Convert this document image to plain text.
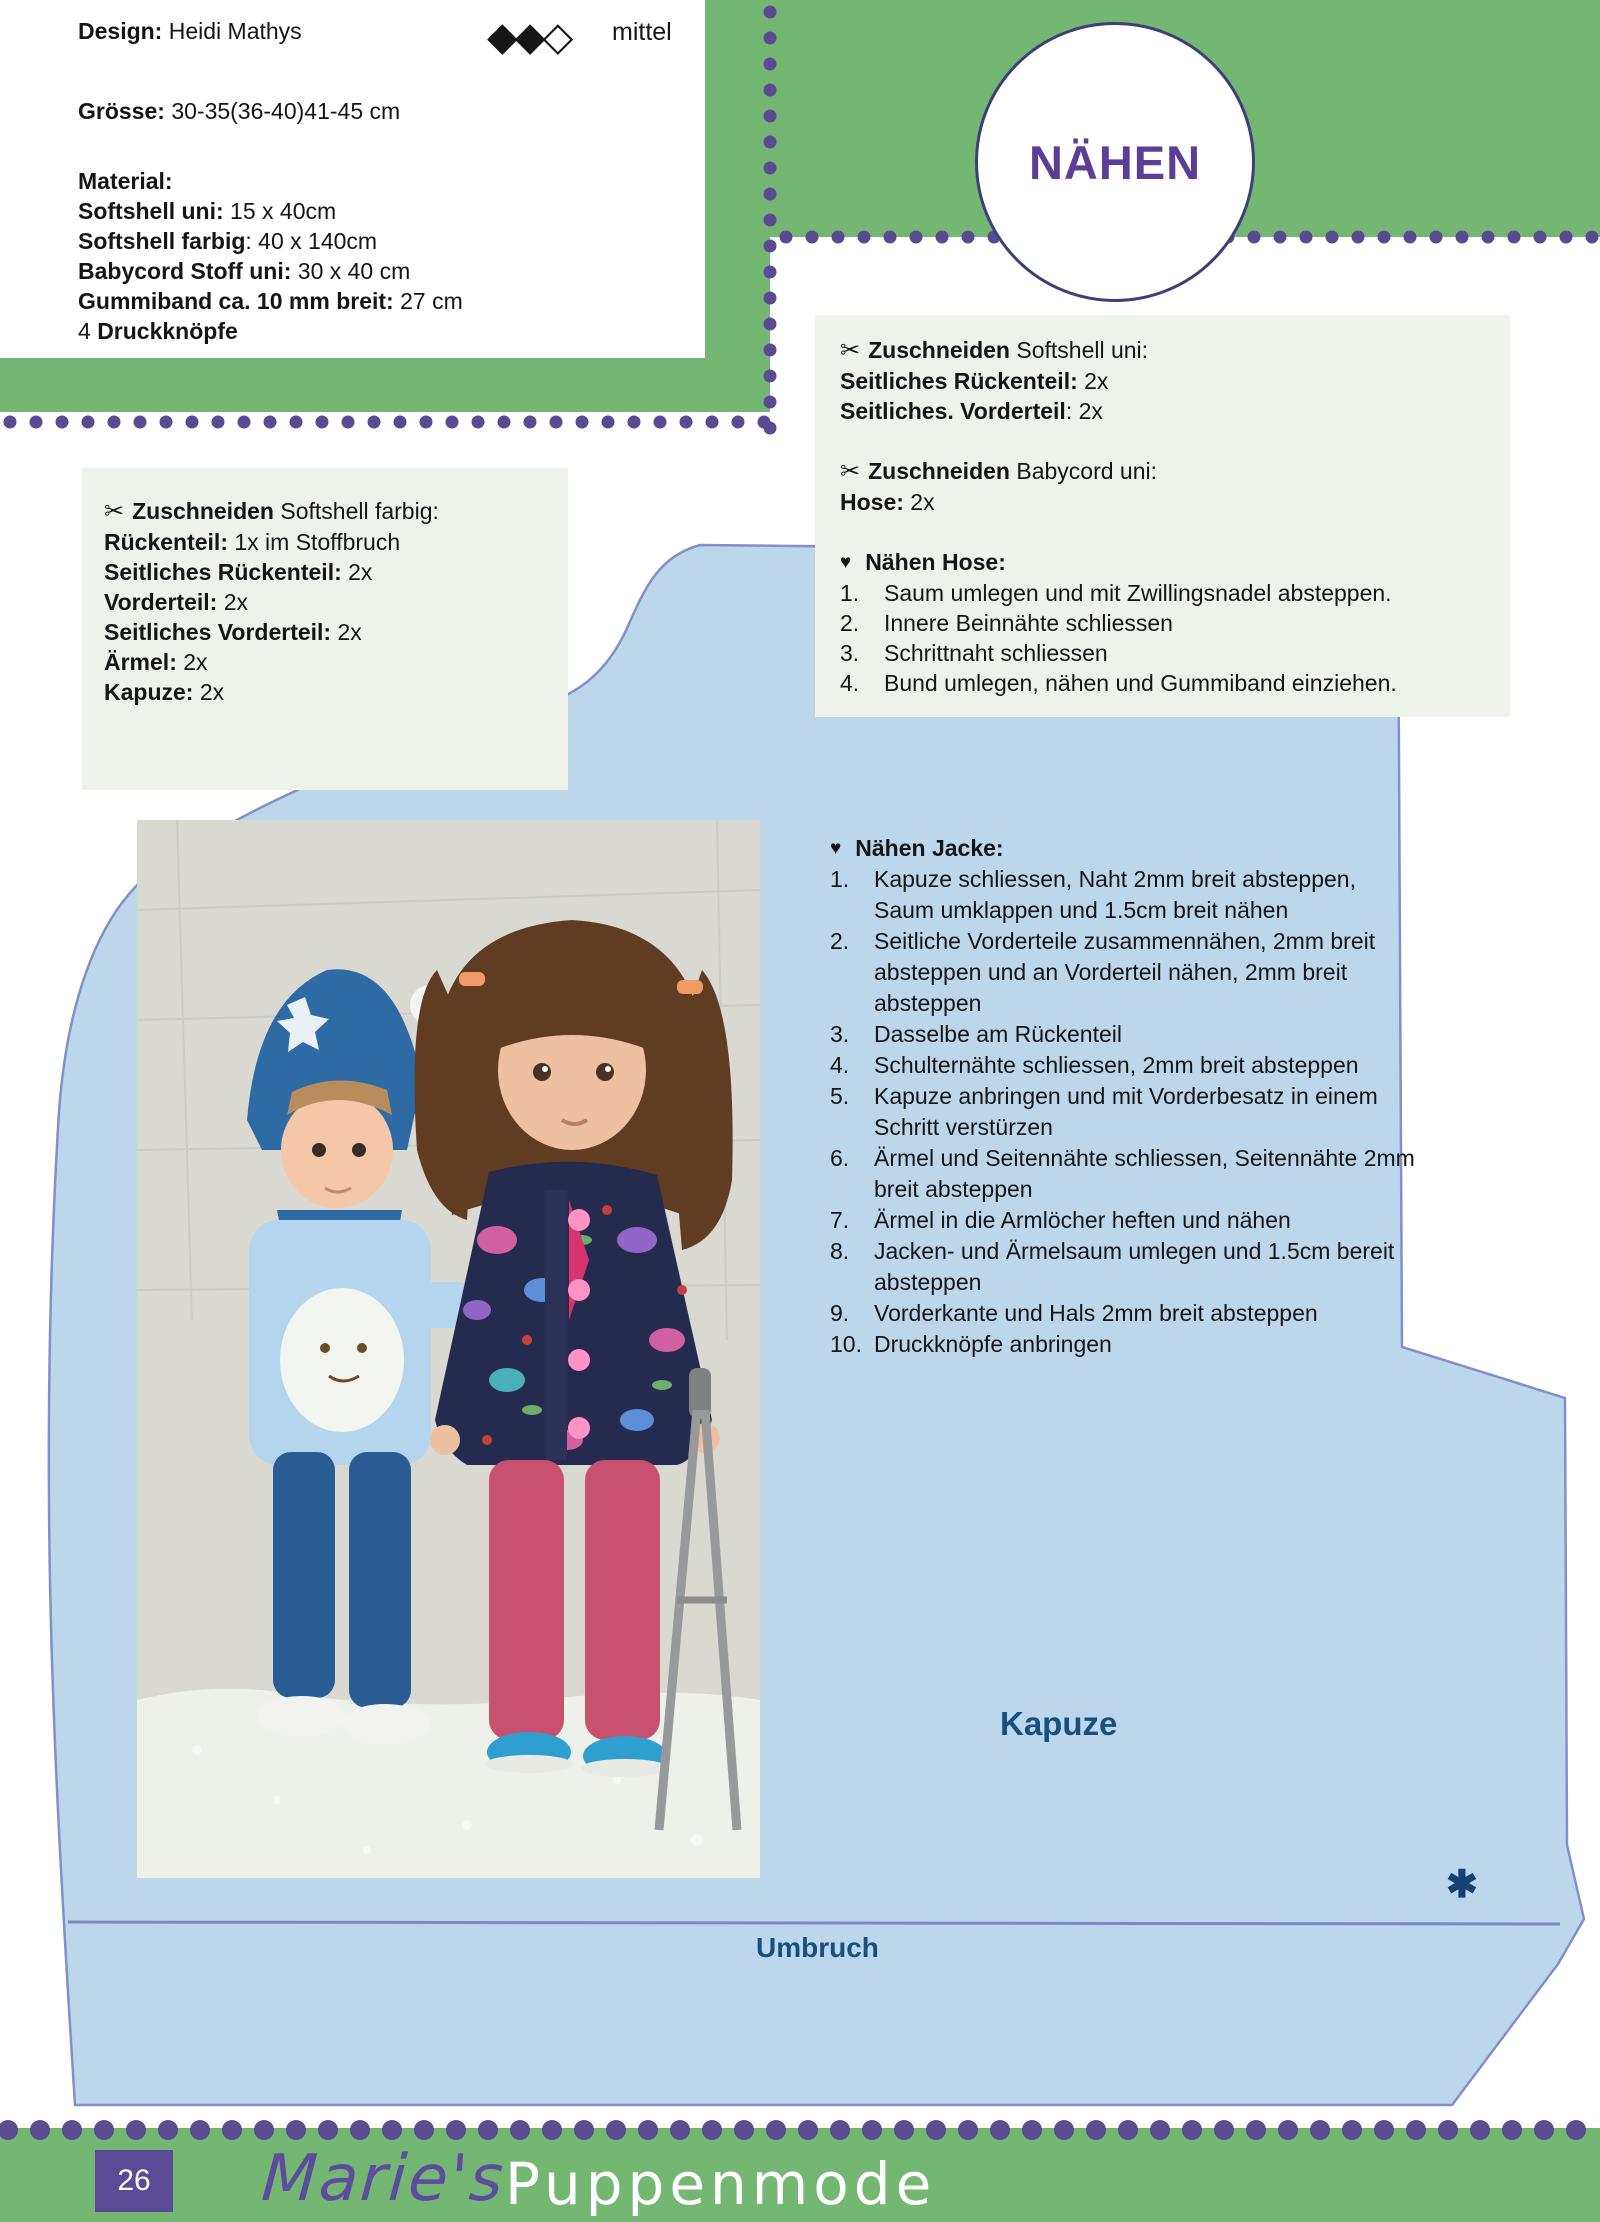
Design: Heidi Mathys	◆◆◇ mittel
Grösse: 30-35(36-40)41-45 cm
Material:
Softshell uni: 15 x 40cm
Softshell farbig: 40 x 140cm
Babycord Stoff uni: 30 x 40 cm
Gummiband ca. 10 mm breit: 27 cm
4 Druckknöpfe
NÄHEN
✂ Zuschneiden Softshell farbig:
Rückenteil: 1x im Stoffbruch
Seitliches Rückenteil: 2x
Vorderteil: 2x
Seitliches Vorderteil: 2x
Ärmel: 2x
Kapuze: 2x
✂ Zuschneiden Softshell uni:
Seitliches Rückenteil: 2x
Seitliches. Vorderteil: 2x
✂ Zuschneiden Babycord uni:
Hose: 2x
♥ Nähen Hose:
Saum umlegen und mit Zwillingsnadel absteppen.
Innere Beinnähte schliessen
Schrittnaht schliessen
Bund umlegen, nähen und Gummiband einziehen.
♥ Nähen Jacke:
Kapuze schliessen, Naht 2mm breit absteppen, Saum umklappen und 1.5cm breit nähen
Seitliche Vorderteile zusammennähen, 2mm breit absteppen und an Vorderteil nähen, 2mm breit absteppen
Dasselbe am Rückenteil
Schulternähte schliessen, 2mm breit absteppen
Kapuze anbringen und mit Vorderbesatz in einem Schritt verstürzen
Ärmel und Seitennähte schliessen, Seitennähte 2mm breit absteppen
Ärmel in die Armlöcher heften und nähen
Jacken- und Ärmelsaum umlegen und 1.5cm bereit absteppen
Vorderkante und Hals 2mm breit absteppen
Druckknöpfe anbringen
Kapuze
Umbruch
✱
26 Marie's
Puppenmode
